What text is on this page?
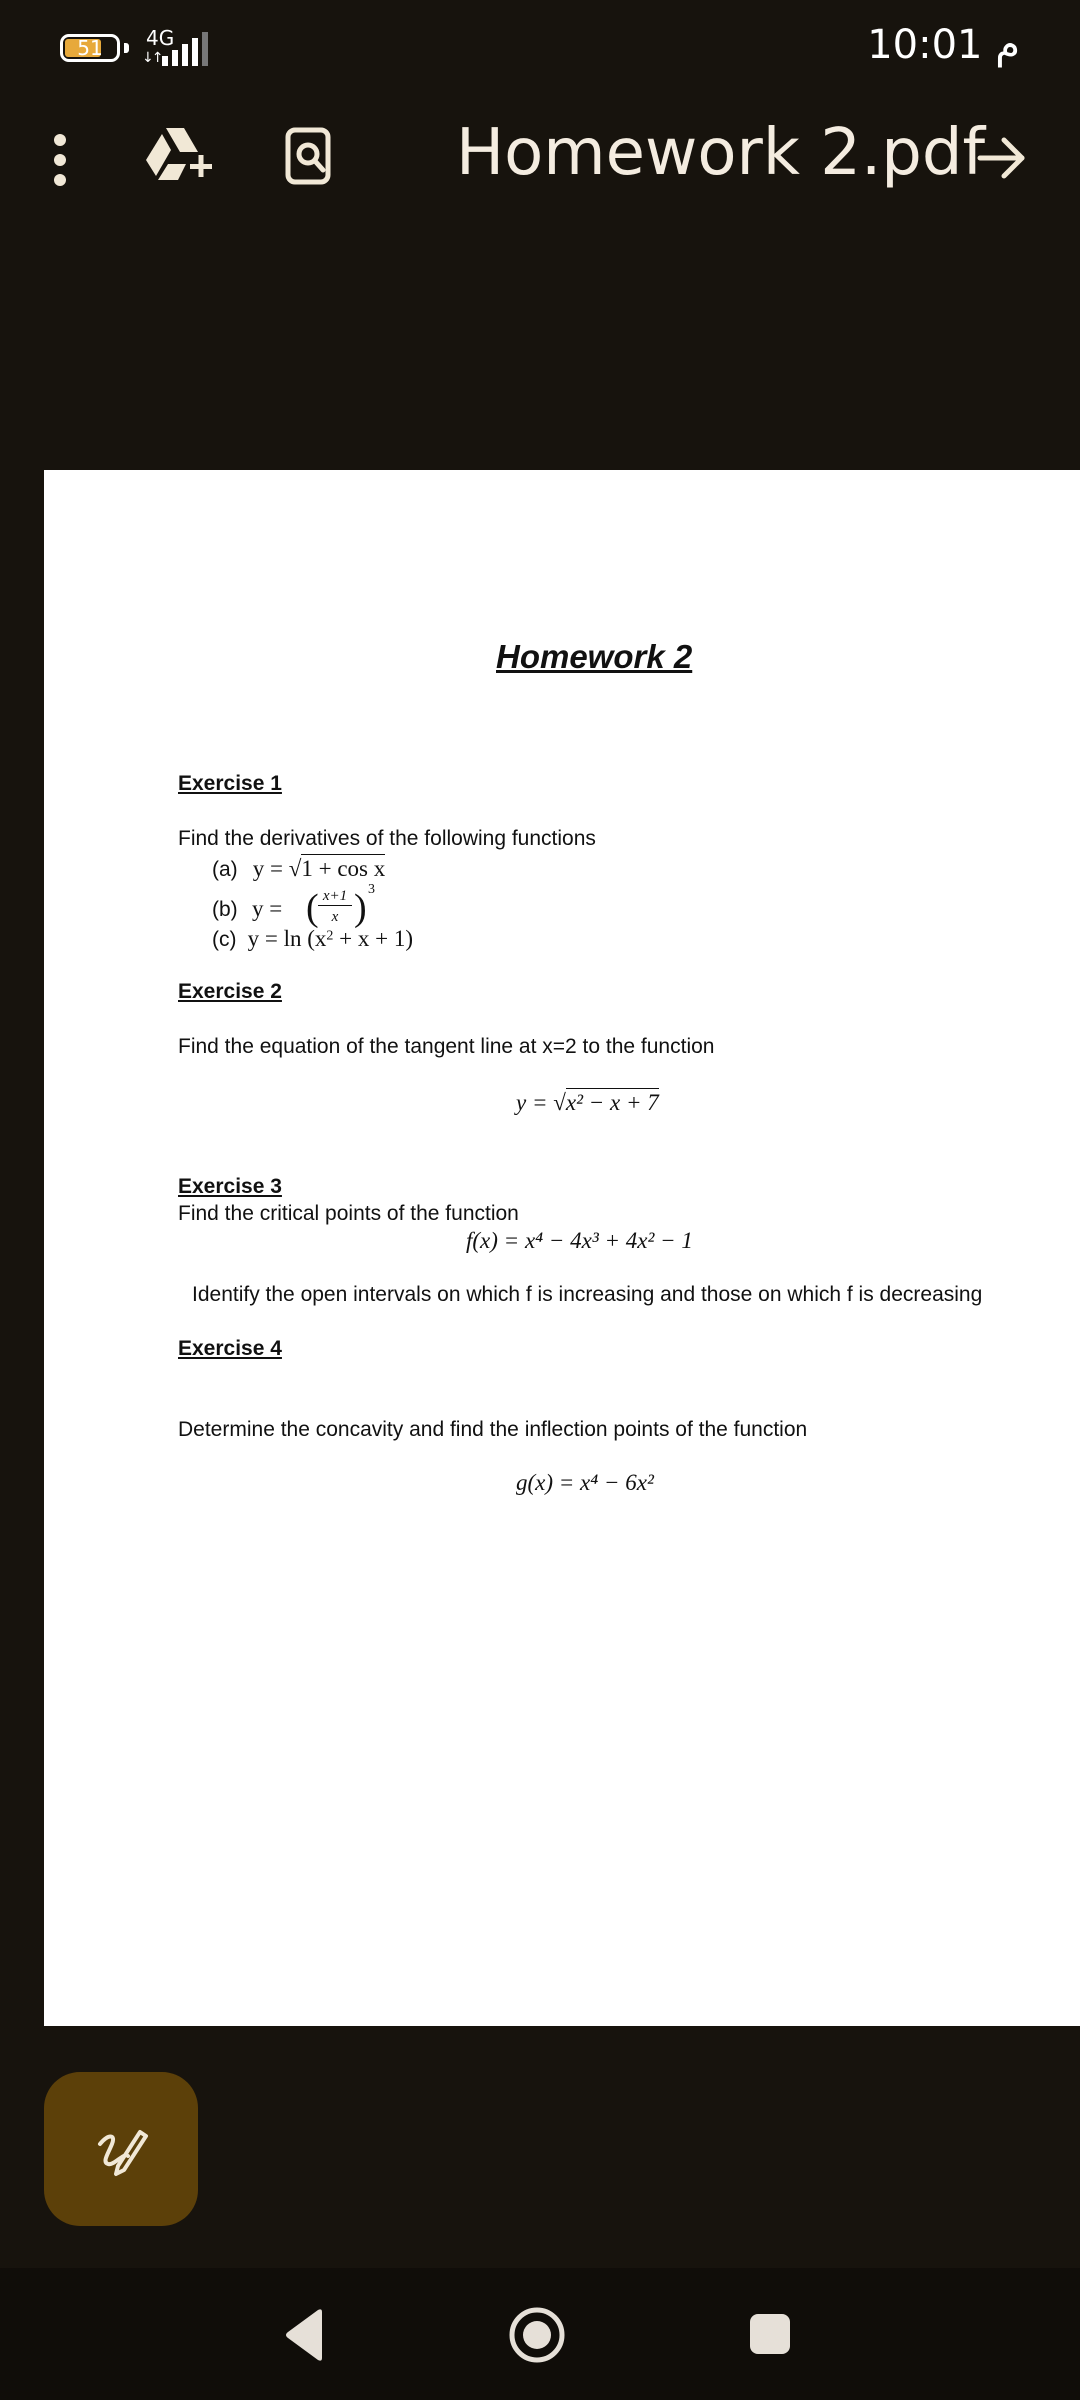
51	4G
↓↑	م 10:01
Homework 2.pdf
Homework 2
Exercise 1
Find the derivatives of the following functions
(a) y = √1 + cos x
(b) y = ( x+1
x ) 3
(c) $y = \ln (x^2 + x + 1)$
Exercise 2
Find the equation of the tangent line at x=2 to the function
y = √x² − x + 7
Exercise 3
Find the critical points of the function
f(x) = x⁴ − 4x³ + 4x² − 1
Identify the open intervals on which f is increasing and those on which f is decreasing
Exercise 4
Determine the concavity and find the inflection points of the function
g(x) = x⁴ − 6x²
